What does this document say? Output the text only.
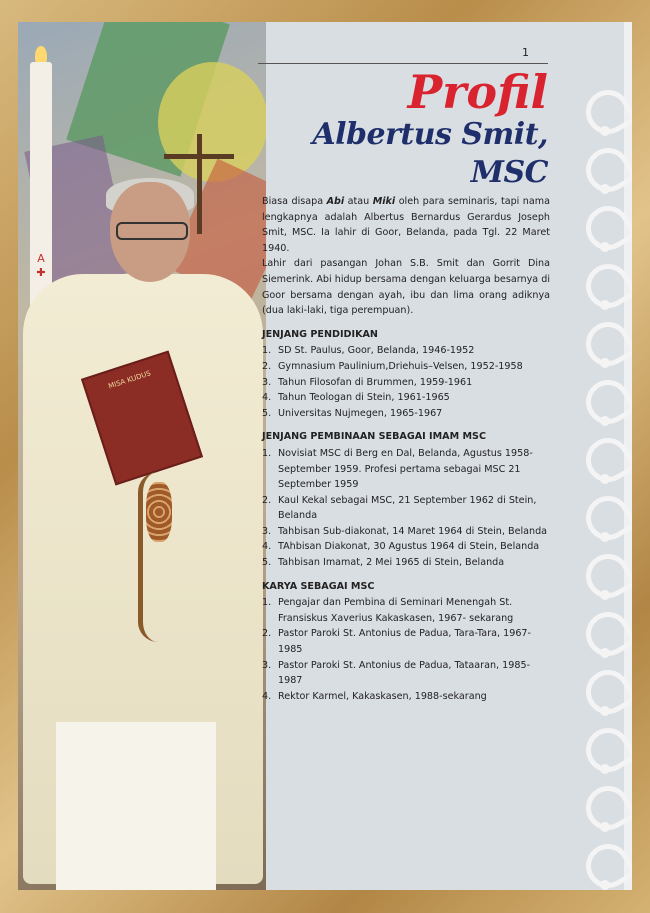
A
✚
MISA KUDUS
1
Profil
Albertus Smit, MSC

Biasa disapa Abi atau Miki oleh para seminaris, tapi nama lengkapnya adalah Albertus Bernardus Gerardus Joseph Smit, MSC. Ia lahir di Goor, Belanda, pada Tgl. 22 Maret 1940.

Lahir dari pasangan Johan S.B. Smit dan Gorrit Dina Siemerink. Abi hidup bersama dengan keluarga besarnya di Goor bersama dengan ayah, ibu dan lima orang adiknya (dua laki-laki, tiga perempuan).

JENJANG PENDIDIKAN
1. SD St. Paulus, Goor, Belanda, 1946-1952
2. Gymnasium Paulinium,Driehuis–Velsen, 1952-1958
3. Tahun Filosofan di Brummen, 1959-1961
4. Tahun Teologan di Stein, 1961-1965
5. Universitas Nujmegen, 1965-1967
JENJANG PEMBINAAN SEBAGAI IMAM MSC
1. Novisiat MSC di Berg en Dal, Belanda, Agustus 1958-September 1959. Profesi pertama sebagai MSC 21 September 1959
2. Kaul Kekal sebagai MSC, 21 September 1962 di Stein, Belanda
3. Tahbisan Sub-diakonat, 14 Maret 1964 di Stein, Belanda
4. TAhbisan Diakonat, 30 Agustus 1964 di Stein, Belanda
5. Tahbisan Imamat, 2 Mei 1965 di Stein, Belanda
KARYA SEBAGAI MSC
1. Pengajar dan Pembina di Seminari Menengah St. Fransiskus Xaverius Kakaskasen, 1967- sekarang
2. Pastor Paroki St. Antonius de Padua, Tara-Tara, 1967-1985
3. Pastor Paroki St. Antonius de Padua, Tataaran, 1985-1987
4. Rektor Karmel, Kakaskasen, 1988-sekarang
